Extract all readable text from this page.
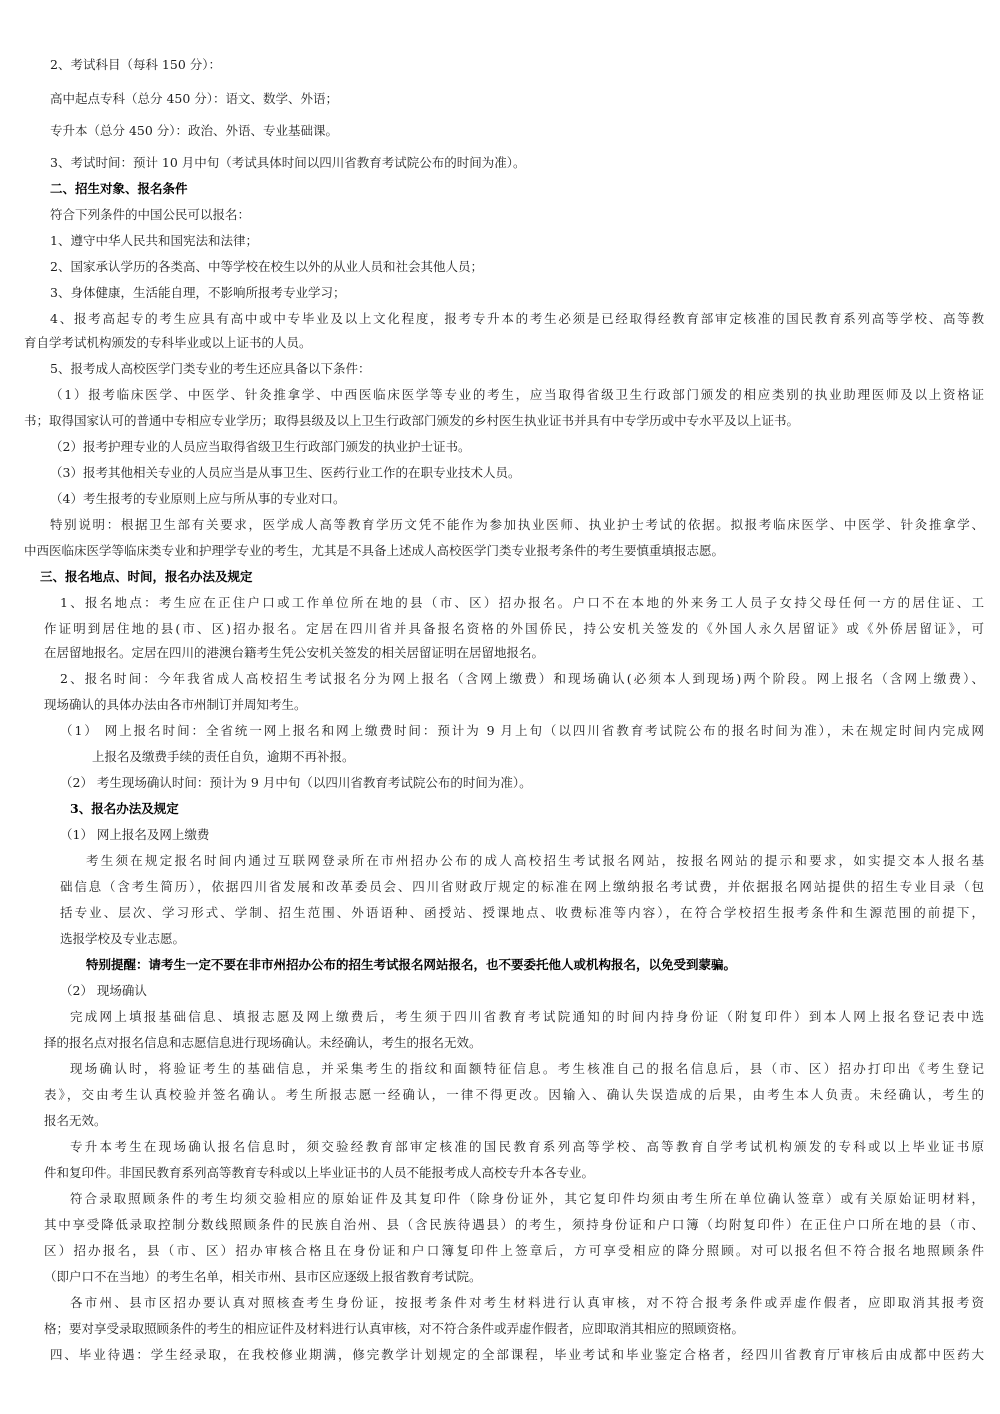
2、考试科目（每科 150 分）：
高中起点专科（总分 450 分）：语文、数学、外语；
专升本（总分 450 分）：政治、外语、专业基础课。
3、考试时间：预计 10 月中旬（考试具体时间以四川省教育考试院公布的时间为准）。
二、招生对象、报名条件
符合下列条件的中国公民可以报名：
1、遵守中华人民共和国宪法和法律；
2、国家承认学历的各类高、中等学校在校生以外的从业人员和社会其他人员；
3、身体健康，生活能自理，不影响所报考专业学习；
4、报考高起专的考生应具有高中或中专毕业及以上文化程度，报考专升本的考生必须是已经取得经教育部审定核准的国民教育系列高等学校、高等教
育自学考试机构颁发的专科毕业或以上证书的人员。
5、报考成人高校医学门类专业的考生还应具备以下条件：
（1）报考临床医学、中医学、针灸推拿学、中西医临床医学等专业的考生，应当取得省级卫生行政部门颁发的相应类别的执业助理医师及以上资格证
书；取得国家认可的普通中专相应专业学历；取得县级及以上卫生行政部门颁发的乡村医生执业证书并具有中专学历或中专水平及以上证书。
（2）报考护理专业的人员应当取得省级卫生行政部门颁发的执业护士证书。
（3）报考其他相关专业的人员应当是从事卫生、医药行业工作的在职专业技术人员。
（4）考生报考的专业原则上应与所从事的专业对口。
特别说明：根据卫生部有关要求，医学成人高等教育学历文凭不能作为参加执业医师、执业护士考试的依据。拟报考临床医学、中医学、针灸推拿学、
中西医临床医学等临床类专业和护理学专业的考生，尤其是不具备上述成人高校医学门类专业报考条件的考生要慎重填报志愿。
三、报名地点、时间，报名办法及规定
1、报名地点：考生应在正住户口或工作单位所在地的县（市、区）招办报名。户口不在本地的外来务工人员子女持父母任何一方的居住证、工
作证明到居住地的县(市、区)招办报名。定居在四川省并具备报名资格的外国侨民，持公安机关签发的《外国人永久居留证》或《外侨居留证》，可
在居留地报名。定居在四川的港澳台籍考生凭公安机关签发的相关居留证明在居留地报名。
2、报名时间：今年我省成人高校招生考试报名分为网上报名（含网上缴费）和现场确认(必须本人到现场)两个阶段。网上报名（含网上缴费）、
现场确认的具体办法由各市州制订并周知考生。
（1） 网上报名时间：全省统一网上报名和网上缴费时间：预计为 9 月上旬（以四川省教育考试院公布的报名时间为准），未在规定时间内完成网
上报名及缴费手续的责任自负，逾期不再补报。
（2） 考生现场确认时间：预计为 9 月中旬（以四川省教育考试院公布的时间为准）。
3、报名办法及规定
（1） 网上报名及网上缴费
考生须在规定报名时间内通过互联网登录所在市州招办公布的成人高校招生考试报名网站，按报名网站的提示和要求，如实提交本人报名基
础信息（含考生简历），依据四川省发展和改革委员会、四川省财政厅规定的标准在网上缴纳报名考试费，并依据报名网站提供的招生专业目录（包
括专业、层次、学习形式、学制、招生范围、外语语种、函授站、授课地点、收费标准等内容），在符合学校招生报考条件和生源范围的前提下，
选报学校及专业志愿。
特别提醒：请考生一定不要在非市州招办公布的招生考试报名网站报名，也不要委托他人或机构报名，以免受到蒙骗。
（2） 现场确认
完成网上填报基础信息、填报志愿及网上缴费后，考生须于四川省教育考试院通知的时间内持身份证（附复印件）到本人网上报名登记表中选
择的报名点对报名信息和志愿信息进行现场确认。未经确认，考生的报名无效。
现场确认时，将验证考生的基础信息，并采集考生的指纹和面额特征信息。考生核准自己的报名信息后，县（市、区）招办打印出《考生登记
表》，交由考生认真校验并签名确认。考生所报志愿一经确认，一律不得更改。因输入、确认失误造成的后果，由考生本人负责。未经确认，考生的
报名无效。
专升本考生在现场确认报名信息时，须交验经教育部审定核准的国民教育系列高等学校、高等教育自学考试机构颁发的专科或以上毕业证书原
件和复印件。非国民教育系列高等教育专科或以上毕业证书的人员不能报考成人高校专升本各专业。
符合录取照顾条件的考生均须交验相应的原始证件及其复印件（除身份证外，其它复印件均须由考生所在单位确认签章）或有关原始证明材料，
其中享受降低录取控制分数线照顾条件的民族自治州、县（含民族待遇县）的考生，须持身份证和户口簿（均附复印件）在正住户口所在地的县（市、
区）招办报名，县（市、区）招办审核合格且在身份证和户口簿复印件上签章后，方可享受相应的降分照顾。对可以报名但不符合报名地照顾条件
（即户口不在当地）的考生名单，相关市州、县市区应逐级上报省教育考试院。
各市州、县市区招办要认真对照核查考生身份证，按报考条件对考生材料进行认真审核，对不符合报考条件或弄虚作假者，应即取消其报考资
格；要对享受录取照顾条件的考生的相应证件及材料进行认真审核，对不符合条件或弄虚作假者，应即取消其相应的照顾资格。
四、毕业待遇：学生经录取，在我校修业期满，修完教学计划规定的全部课程，毕业考试和毕业鉴定合格者，经四川省教育厅审核后由成都中医药大
